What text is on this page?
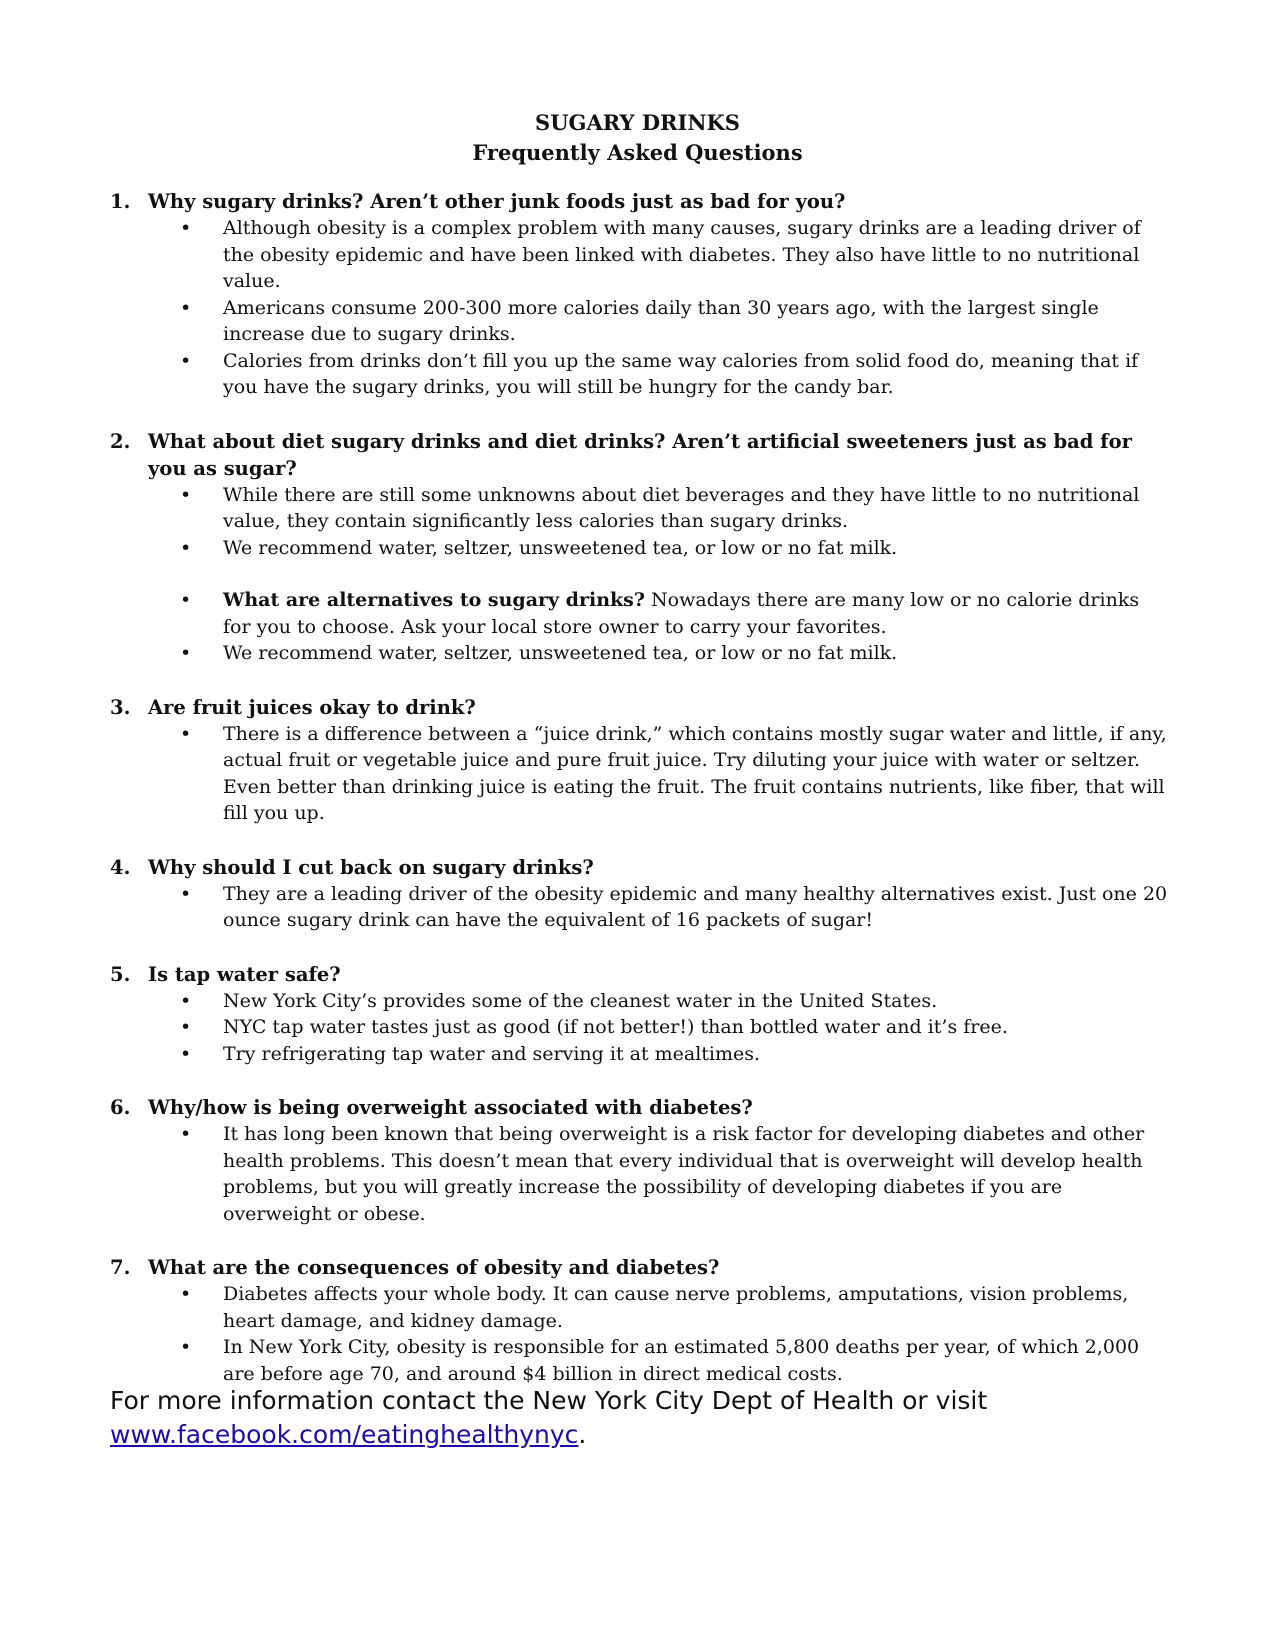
SUGARY DRINKS
Frequently Asked Questions
1. Why sugary drinks? Aren’t other junk foods just as bad for you?
• Although obesity is a complex problem with many causes, sugary drinks are a leading driver of the obesity epidemic and have been linked with diabetes. They also have little to no nutritional value.
• Americans consume 200-300 more calories daily than 30 years ago, with the largest single increase due to sugary drinks.
• Calories from drinks don’t fill you up the same way calories from solid food do, meaning that if you have the sugary drinks, you will still be hungry for the candy bar.
2. What about diet sugary drinks and diet drinks? Aren’t artificial sweeteners just as bad for you as sugar?
• While there are still some unknowns about diet beverages and they have little to no nutritional value, they contain significantly less calories than sugary drinks.
• We recommend water, seltzer, unsweetened tea, or low or no fat milk.
• What are alternatives to sugary drinks? Nowadays there are many low or no calorie drinks for you to choose. Ask your local store owner to carry your favorites.
• We recommend water, seltzer, unsweetened tea, or low or no fat milk.
3. Are fruit juices okay to drink?
• There is a difference between a “juice drink,” which contains mostly sugar water and little, if any, actual fruit or vegetable juice and pure fruit juice. Try diluting your juice with water or seltzer. Even better than drinking juice is eating the fruit. The fruit contains nutrients, like fiber, that will fill you up.
4. Why should I cut back on sugary drinks?
• They are a leading driver of the obesity epidemic and many healthy alternatives exist. Just one 20 ounce sugary drink can have the equivalent of 16 packets of sugar!
5. Is tap water safe?
• New York City’s provides some of the cleanest water in the United States.
• NYC tap water tastes just as good (if not better!) than bottled water and it’s free.
• Try refrigerating tap water and serving it at mealtimes.
6. Why/how is being overweight associated with diabetes?
• It has long been known that being overweight is a risk factor for developing diabetes and other health problems. This doesn’t mean that every individual that is overweight will develop health problems, but you will greatly increase the possibility of developing diabetes if you are overweight or obese.
7. What are the consequences of obesity and diabetes?
• Diabetes affects your whole body. It can cause nerve problems, amputations, vision problems, heart damage, and kidney damage.
• In New York City, obesity is responsible for an estimated 5,800 deaths per year, of which 2,000 are before age 70, and around $4 billion in direct medical costs.
For more information contact the New York City Dept of Health or visit
www.facebook.com/eatinghealthynyc.
